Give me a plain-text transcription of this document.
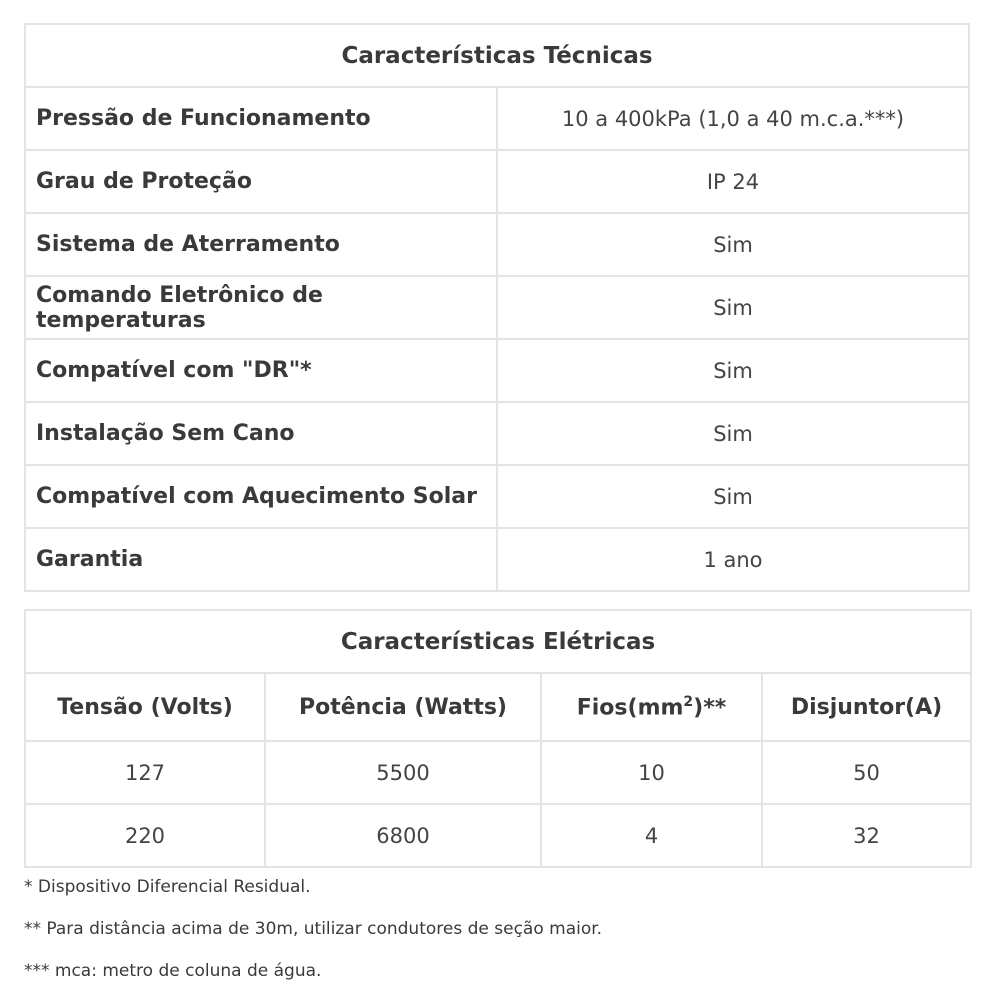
Características Técnicas	
Pressão de Funcionamento	10 a 400kPa (1,0 a 40 m.c.a.***)
Grau de Proteção	IP 24
Sistema de Aterramento	Sim
Comando Eletrônico de temperaturas	Sim
Compatível com "DR"*	Sim
Instalação Sem Cano	Sim
Compatível com Aquecimento Solar	Sim
Garantia	1 ano
Características Elétricas			
Tensão (Volts)	Potência (Watts)	$Fios(mm^2)**$	Disjuntor(A)
127	5500	10	50
220	6800	4	32

* Dispositivo Diferencial Residual.

** Para distância acima de 30m, utilizar condutores de seção maior.

*** mca: metro de coluna de água.
